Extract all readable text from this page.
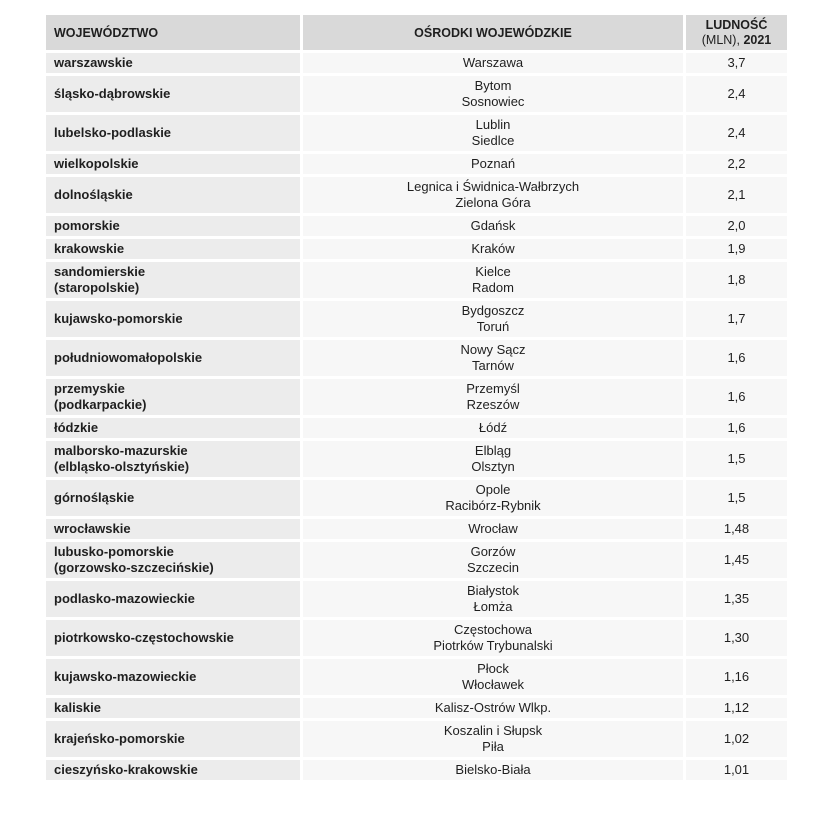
WOJEWÓDZTWO	OŚRODKI WOJEWÓDZKIE	LUDNOŚĆ
(MLN), 2021

warszawskie	Warszawa	3,7

śląsko-dąbrowskie	Bytom
Sosnowiec	2,4

lubelsko-podlaskie	Lublin
Siedlce	2,4

wielkopolskie	Poznań	2,2

dolnośląskie	Legnica i Świdnica-Wałbrzych
Zielona Góra	2,1

pomorskie	Gdańsk	2,0

krakowskie	Kraków	1,9

sandomierskie
(staropolskie)	Kielce
Radom	1,8

kujawsko-pomorskie	Bydgoszcz
Toruń	1,7

południowomałopolskie	Nowy Sącz
Tarnów	1,6

przemyskie
(podkarpackie)	Przemyśl
Rzeszów	1,6

łódzkie	Łódź	1,6

malborsko-mazurskie
(elbląsko-olsztyńskie)	Elbląg
Olsztyn	1,5

górnośląskie	Opole
Racibórz-Rybnik	1,5

wrocławskie	Wrocław	1,48

lubusko-pomorskie
(gorzowsko-szczecińskie)	Gorzów
Szczecin	1,45

podlasko-mazowieckie	Białystok
Łomża	1,35

piotrkowsko-częstochowskie	Częstochowa
Piotrków Trybunalski	1,30

kujawsko-mazowieckie	Płock
Włocławek	1,16

kaliskie	Kalisz-Ostrów Wlkp.	1,12

krajeńsko-pomorskie	Koszalin i Słupsk
Piła	1,02

cieszyńsko-krakowskie	Bielsko-Biała	1,01
